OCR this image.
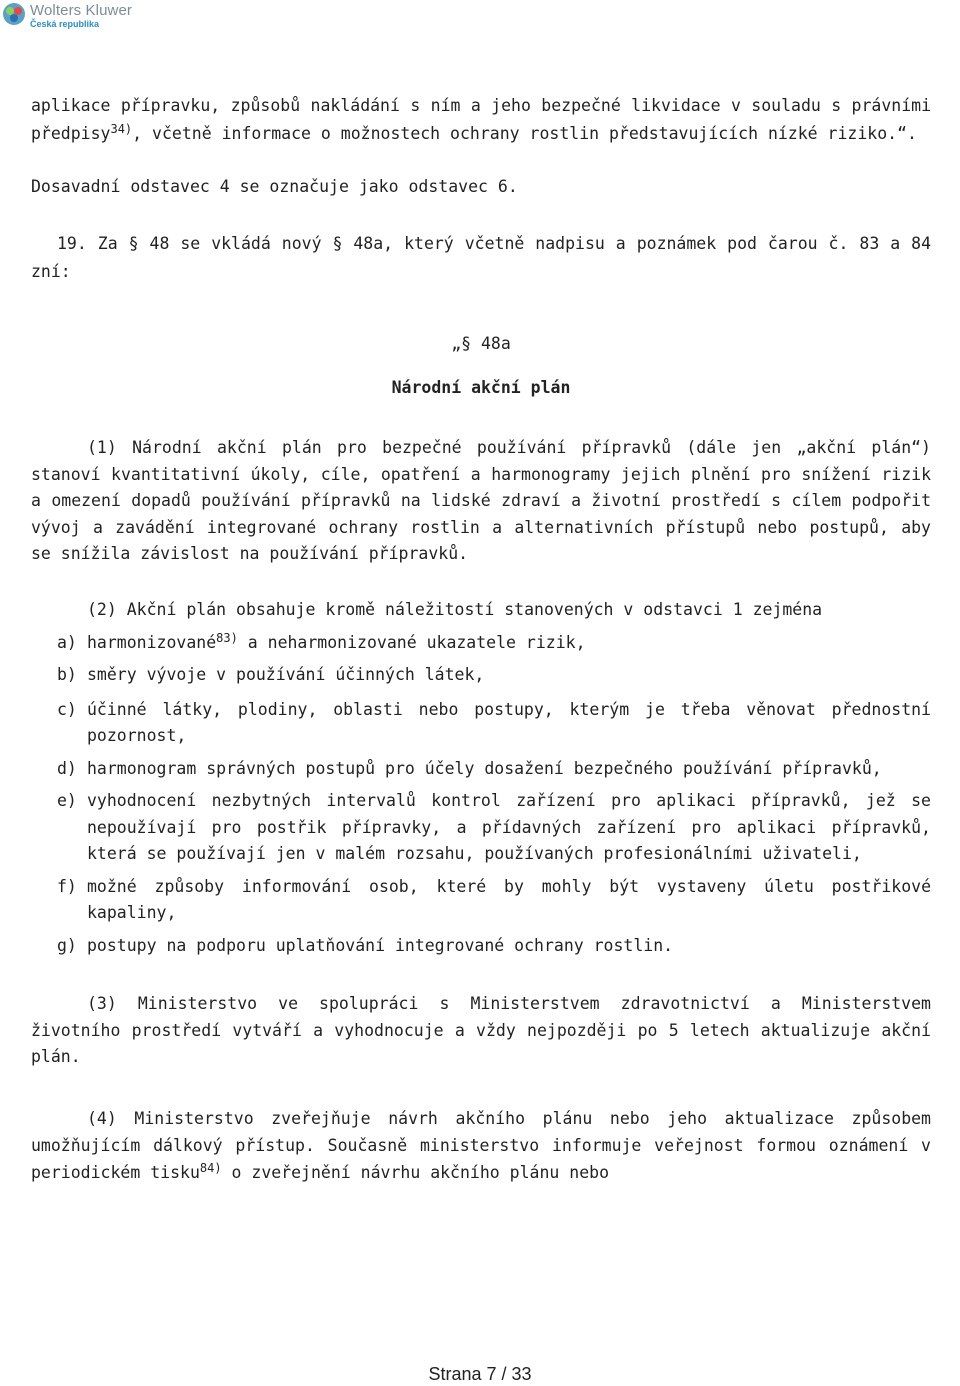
Wolters Kluwer
Česká republika

aplikace přípravku, způsobů nakládání s ním a jeho bezpečné likvidace v souladu s právními předpisy$^{34)}$, včetně informace o možnostech ochrany rostlin představujících nízké riziko.“.

Dosavadní odstavec 4 se označuje jako odstavec 6.

19. Za § 48 se vkládá nový § 48a, který včetně nadpisu a poznámek pod čarou č. 83 a 84 zní:

„§ 48a
Národní akční plán

(1) Národní akční plán pro bezpečné používání přípravků (dále jen „akční plán“) stanoví kvantitativní úkoly, cíle, opatření a harmonogramy jejich plnění pro snížení rizik a omezení dopadů používání přípravků na lidské zdraví a životní prostředí s cílem podpořit vývoj a zavádění integrované ochrany rostlin a alternativních přístupů nebo postupů, aby se snížila závislost na používání přípravků.

(2) Akční plán obsahuje kromě náležitostí stanovených v odstavci 1 zejména

a) harmonizované$^{83)}$ a neharmonizované ukazatele rizik,
b) směry vývoje v používání účinných látek,
c) účinné látky, plodiny, oblasti nebo postupy, kterým je třeba věnovat přednostní pozornost,
d) harmonogram správných postupů pro účely dosažení bezpečného používání přípravků,
e) vyhodnocení nezbytných intervalů kontrol zařízení pro aplikaci přípravků, jež se nepoužívají pro postřik přípravky, a přídavných zařízení pro aplikaci přípravků, která se používají jen v malém rozsahu, používaných profesionálními uživateli,
f) možné způsoby informování osob, které by mohly být vystaveny úletu postřikové kapaliny,
g) postupy na podporu uplatňování integrované ochrany rostlin.

(3) Ministerstvo ve spolupráci s Ministerstvem zdravotnictví a Ministerstvem životního prostředí vytváří a vyhodnocuje a vždy nejpozději po 5 letech aktualizuje akční plán.

(4) Ministerstvo zveřejňuje návrh akčního plánu nebo jeho aktualizace způsobem umožňujícím dálkový přístup. Současně ministerstvo informuje veřejnost formou oznámení v periodickém tisku$^{84)}$ o zveřejnění návrhu akčního plánu nebo

Strana 7 / 33
